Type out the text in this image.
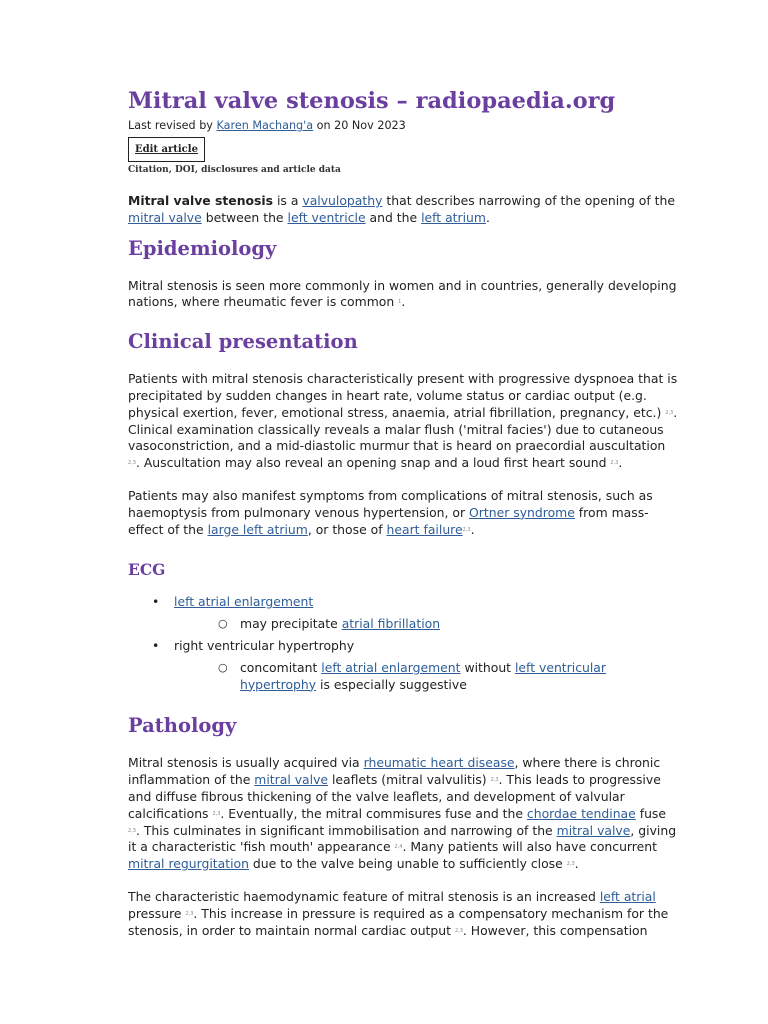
Mitral valve stenosis – radiopaedia.org
Last revised by Karen Machang'a on 20 Nov 2023
Edit article
Citation, DOI, disclosures and article data

Mitral valve stenosis is a valvulopathy that describes narrowing of the opening of the mitral valve between the left ventricle and the left atrium.

Epidemiology

Mitral stenosis is seen more commonly in women and in countries, generally developing nations, where rheumatic fever is common $^1$.

Clinical presentation

Patients with mitral stenosis characteristically present with progressive dyspnoea that is precipitated by sudden changes in heart rate, volume status or cardiac output (e.g. physical exertion, fever, emotional stress, anaemia, atrial fibrillation, pregnancy, etc.) $^{2,3}$. Clinical examination classically reveals a malar flush ('mitral facies') due to cutaneous vasoconstriction, and a mid-diastolic murmur that is heard on praecordial auscultation $^{2,3}$. Auscultation may also reveal an opening snap and a loud first heart sound $^{2,3}$.

Patients may also manifest symptoms from complications of mitral stenosis, such as haemoptysis from pulmonary venous hypertension, or Ortner syndrome from mass-effect of the large left atrium, or those of heart failure$^{2,3}$.

ECG
• left atrial enlargement
○ may precipitate atrial fibrillation
• right ventricular hypertrophy
○ concomitant left atrial enlargement without left ventricular hypertrophy is especially suggestive
Pathology

Mitral stenosis is usually acquired via rheumatic heart disease, where there is chronic inflammation of the mitral valve leaflets (mitral valvulitis) $^{2,3}$. This leads to progressive and diffuse fibrous thickening of the valve leaflets, and development of valvular calcifications $^{2,3}$. Eventually, the mitral commisures fuse and the chordae tendinae fuse $^{2,3}$. This culminates in significant immobilisation and narrowing of the mitral valve, giving it a characteristic 'fish mouth' appearance $^{2,4}$. Many patients will also have concurrent mitral regurgitation due to the valve being unable to sufficiently close $^{2,3}$.

The characteristic haemodynamic feature of mitral stenosis is an increased left atrial pressure $^{2,3}$. This increase in pressure is required as a compensatory mechanism for the stenosis, in order to maintain normal cardiac output $^{2,3}$. However, this compensation
